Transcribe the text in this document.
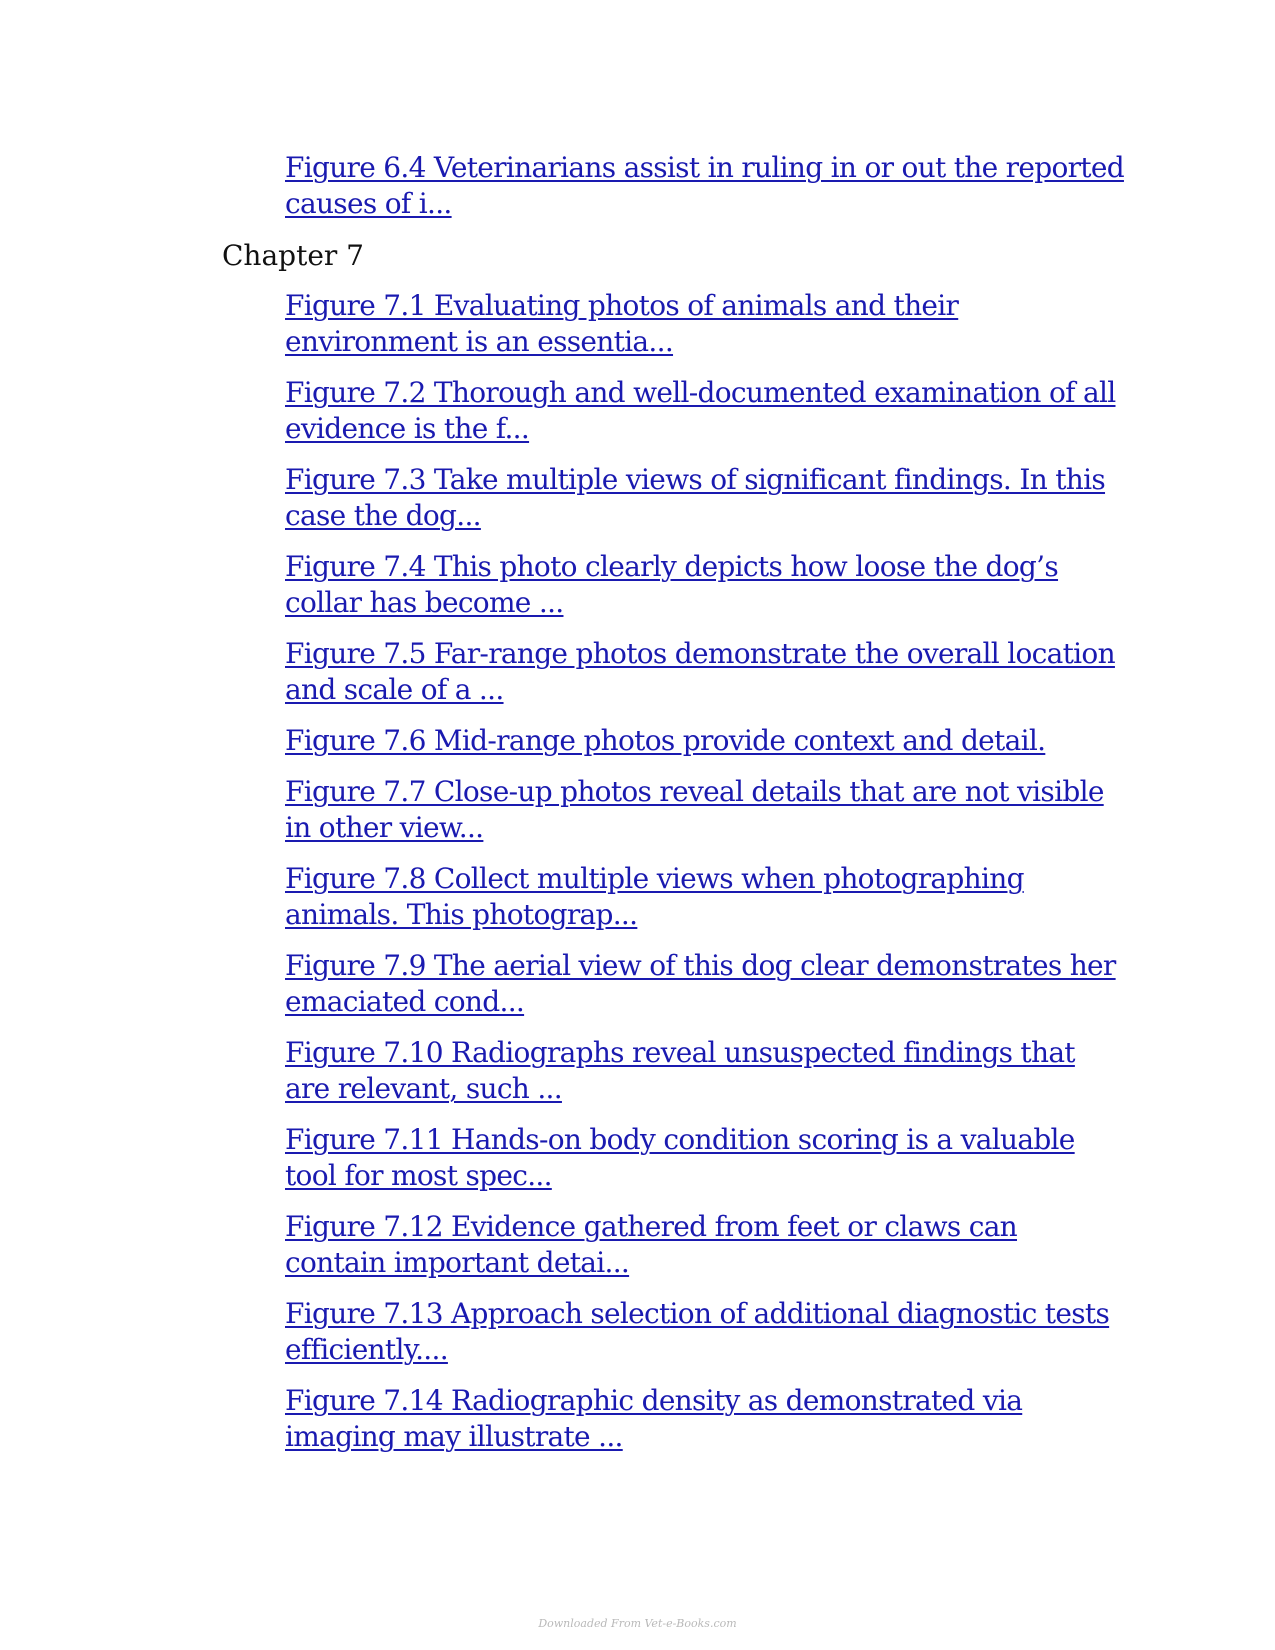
Figure 6.4 Veterinarians assist in ruling in or out the reported causes of i...
Chapter 7
Figure 7.1 Evaluating photos of animals and their environment is an essentia...
Figure 7.2 Thorough and well-documented examination of all evidence is the f...
Figure 7.3 Take multiple views of significant findings. In this case the dog...
Figure 7.4 This photo clearly depicts how loose the dog’s collar has become ...
Figure 7.5 Far-range photos demonstrate the overall location and scale of a ...
Figure 7.6 Mid-range photos provide context and detail.
Figure 7.7 Close-up photos reveal details that are not visible in other view...
Figure 7.8 Collect multiple views when photographing animals. This photograp...
Figure 7.9 The aerial view of this dog clear demonstrates her emaciated cond...
Figure 7.10 Radiographs reveal unsuspected findings that are relevant, such ...
Figure 7.11 Hands-on body condition scoring is a valuable tool for most spec...
Figure 7.12 Evidence gathered from feet or claws can contain important detai...
Figure 7.13 Approach selection of additional diagnostic tests efficiently....
Figure 7.14 Radiographic density as demonstrated via imaging may illustrate ...
Downloaded From Vet-e-Books.com
